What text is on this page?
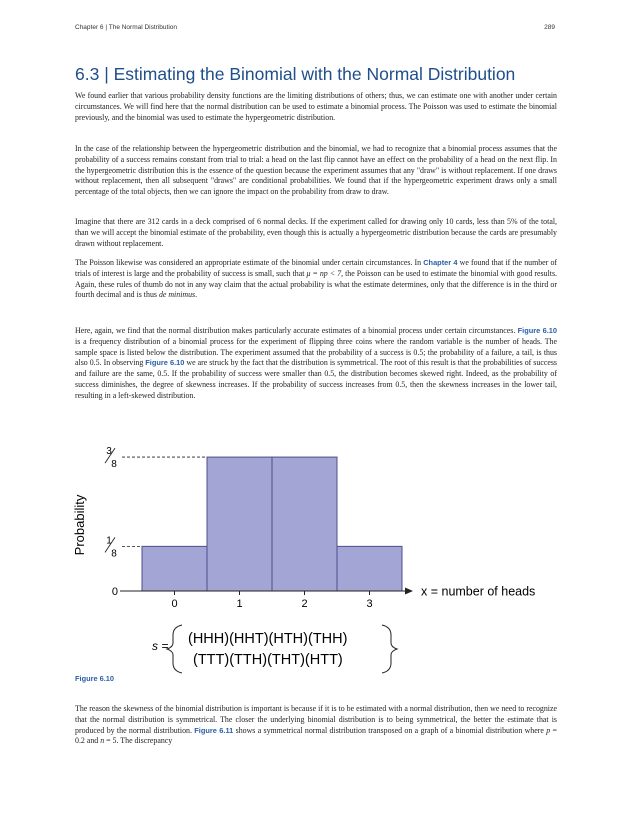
Chapter 6 | The Normal Distribution	289
6.3 | Estimating the Binomial with the Normal Distribution

We found earlier that various probability density functions are the limiting distributions of others; thus, we can estimate one with another under certain circumstances. We will find here that the normal distribution can be used to estimate a binomial process. The Poisson was used to estimate the binomial previously, and the binomial was used to estimate the hypergeometric distribution.

In the case of the relationship between the hypergeometric distribution and the binomial, we had to recognize that a binomial process assumes that the probability of a success remains constant from trial to trial: a head on the last flip cannot have an effect on the probability of a head on the next flip. In the hypergeometric distribution this is the essence of the question because the experiment assumes that any "draw" is without replacement. If one draws without replacement, then all subsequent "draws" are conditional probabilities. We found that if the hypergeometric experiment draws only a small percentage of the total objects, then we can ignore the impact on the probability from draw to draw.

Imagine that there are 312 cards in a deck comprised of 6 normal decks. If the experiment called for drawing only 10 cards, less than 5% of the total, than we will accept the binomial estimate of the probability, even though this is actually a hypergeometric distribution because the cards are presumably drawn without replacement.

The Poisson likewise was considered an appropriate estimate of the binomial under certain circumstances. In Chapter 4 we found that if the number of trials of interest is large and the probability of success is small, such that μ = np < 7, the Poisson can be used to estimate the binomial with good results. Again, these rules of thumb do not in any way claim that the actual probability is what the estimate determines, only that the difference is in the third or fourth decimal and is thus de minimus.

Here, again, we find that the normal distribution makes particularly accurate estimates of a binomial process under certain circumstances. Figure 6.10 is a frequency distribution of a binomial process for the experiment of flipping three coins where the random variable is the number of heads. The sample space is listed below the distribution. The experiment assumed that the probability of a success is 0.5; the probability of a failure, a tail, is thus also 0.5. In observing Figure 6.10 we are struck by the fact that the distribution is symmetrical. The root of this result is that the probabilities of success and failure are the same, 0.5. If the probability of success were smaller than 0.5, the distribution becomes skewed right. Indeed, as the probability of success diminishes, the degree of skewness increases. If the probability of success increases from 0.5, then the skewness increases in the lower tail, resulting in a left-skewed distribution.

0	1	2	3
x = number of heads
Probability
0
1
8
3
8
s = (HHH)(HHT)(HTH)(THH)
(TTT)(TTH)(THT)(HTT)
Figure 6.10

The reason the skewness of the binomial distribution is important is because if it is to be estimated with a normal distribution, then we need to recognize that the normal distribution is symmetrical. The closer the underlying binomial distribution is to being symmetrical, the better the estimate that is produced by the normal distribution. Figure 6.11 shows a symmetrical normal distribution transposed on a graph of a binomial distribution where p = 0.2 and n = 5. The discrepancy
